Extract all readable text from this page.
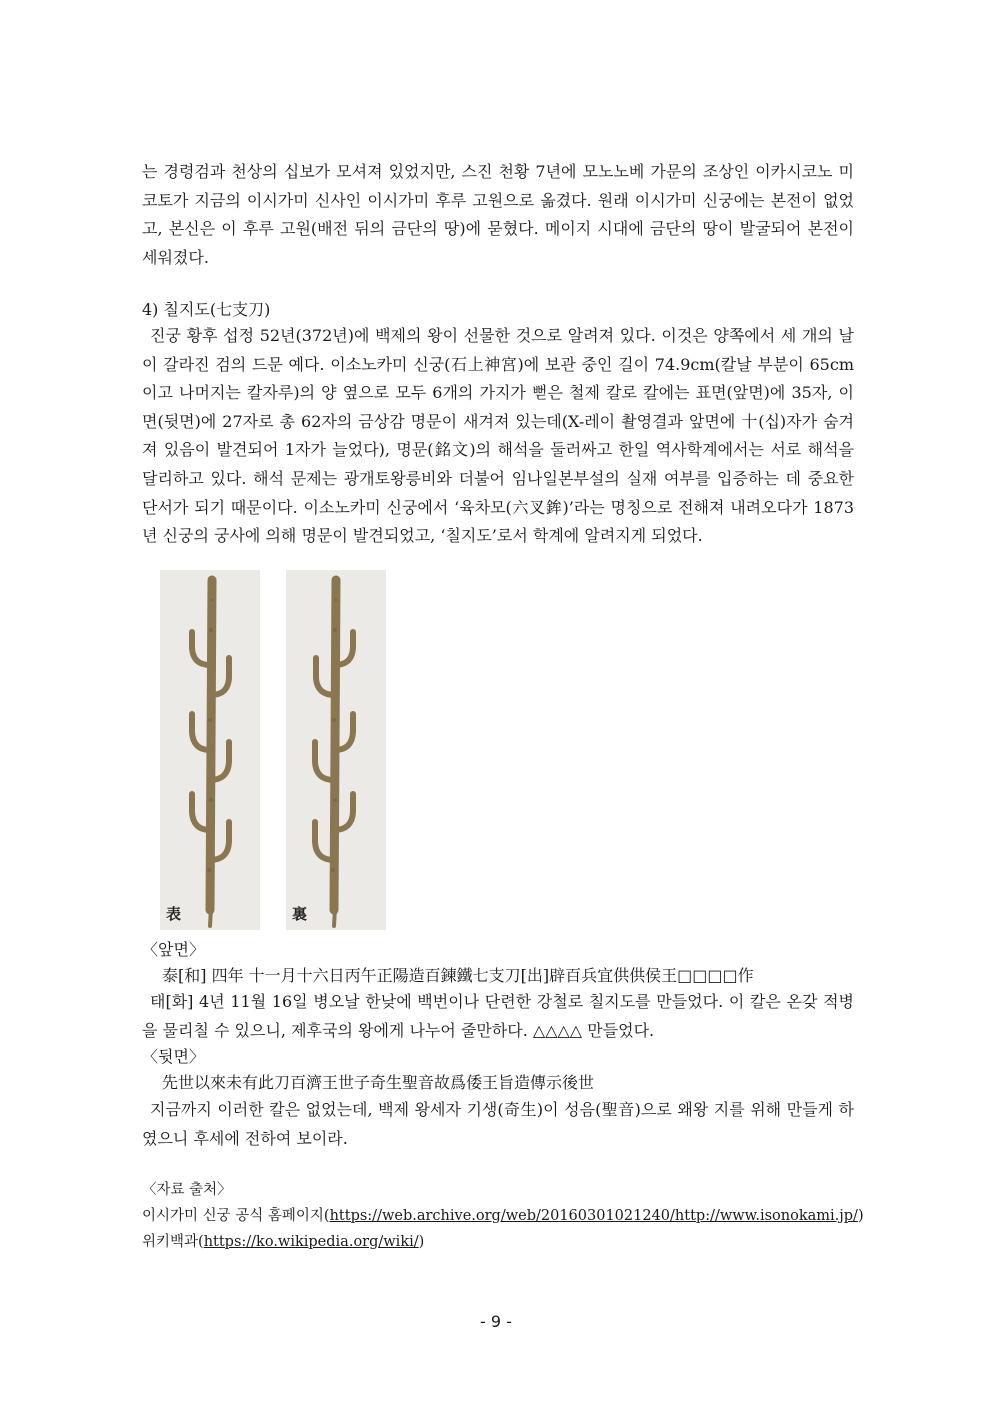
는 경령검과 천상의 십보가 모셔져 있었지만, 스진 천황 7년에 모노노베 가문의 조상인 이카시코노 미코토가 지금의 이시가미 신사인 이시가미 후루 고원으로 옮겼다. 원래 이시가미 신궁에는 본전이 없었고, 본신은 이 후루 고원(배전 뒤의 금단의 땅)에 묻혔다. 메이지 시대에 금단의 땅이 발굴되어 본전이 세워졌다.

4) 칠지도(七支刀)

진궁 황후 섭정 52년(372년)에 백제의 왕이 선물한 것으로 알려져 있다. 이것은 양쪽에서 세 개의 날이 갈라진 검의 드문 예다. 이소노카미 신궁(石上神宮)에 보관 중인 길이 74.9cm(칼날 부분이 65cm이고 나머지는 칼자루)의 양 옆으로 모두 6개의 가지가 뻗은 철제 칼로 칼에는 표면(앞면)에 35자, 이면(뒷면)에 27자로 총 62자의 금상감 명문이 새겨져 있는데(X-레이 촬영결과 앞면에 十(십)자가 숨겨져 있음이 발견되어 1자가 늘었다), 명문(銘文)의 해석을 둘러싸고 한일 역사학계에서는 서로 해석을 달리하고 있다. 해석 문제는 광개토왕릉비와 더불어 임나일본부설의 실재 여부를 입증하는 데 중요한 단서가 되기 때문이다. 이소노카미 신궁에서 ‘육차모(六叉鉾)’라는 명칭으로 전해져 내려오다가 1873년 신궁의 궁사에 의해 명문이 발견되었고, ‘칠지도’로서 학계에 알려지게 되었다.

表	裏
〈앞면〉
泰[和] 四年 十一月十六日丙午正陽造百鍊鐵七支刀[出]辟百兵宜供供侯王□□□□作

태[화] 4년 11월 16일 병오날 한낮에 백번이나 단련한 강철로 칠지도를 만들었다. 이 칼은 온갖 적병을 물리칠 수 있으니, 제후국의 왕에게 나누어 줄만하다. △△△△ 만들었다.

〈뒷면〉
先世以來未有此刀百濟王世子奇生聖音故爲倭王旨造傳示後世

지금까지 이러한 칼은 없었는데, 백제 왕세자 기생(奇生)이 성음(聖音)으로 왜왕 지를 위해 만들게 하였으니 후세에 전하여 보이라.

〈자료 출처〉
이시가미 신궁 공식 홈페이지(https://web.archive.org/web/20160301021240/http://www.isonokami.jp/)
위키백과(https://ko.wikipedia.org/wiki/)
- 9 -
